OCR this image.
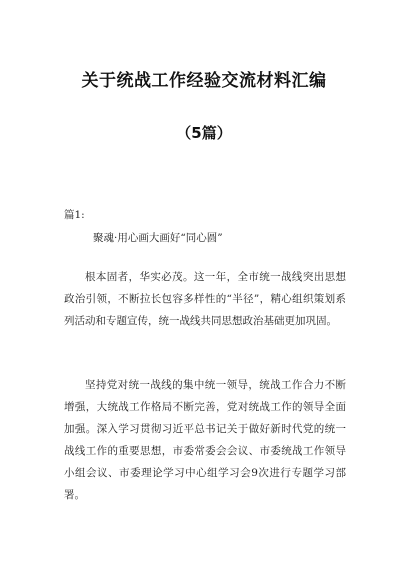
关于统战工作经验交流材料汇编
（5篇）
篇1:
聚魂·用心画大画好“同心圆”

根本固者，华实必茂。这一年，全市统一战线突出思想政治引领，不断拉长包容多样性的“半径”，精心组织策划系列活动和专题宣传，统一战线共同思想政治基础更加巩固。

坚持党对统一战线的集中统一领导，统战工作合力不断增强，大统战工作格局不断完善，党对统战工作的领导全面加强。深入学习贯彻习近平总书记关于做好新时代党的统一战线工作的重要思想，市委常委会会议、市委统战工作领导小组会议、市委理论学习中心组学习会9次进行专题学习部署。
